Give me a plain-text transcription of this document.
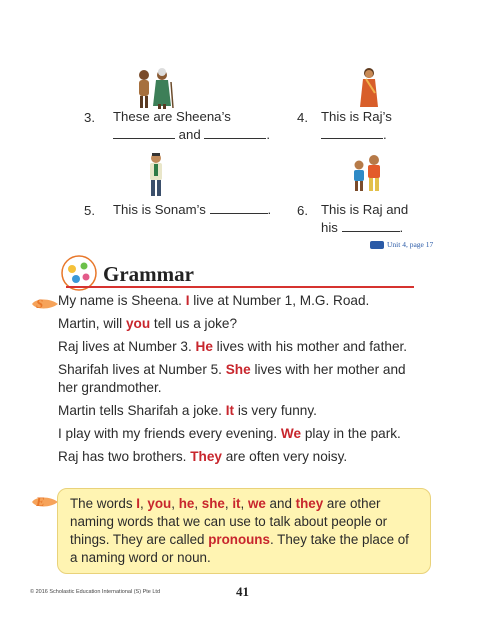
3. These are Sheena’s
and	.
4. This is Raj’s
.
5. This is Sonam’s	.	6. This is Raj and
his	.
Unit 4, page 17
Grammar
S My name is Sheena. I live at Number 1, M.G. Road.
Martin, will you tell us a joke?
Raj lives at Number 3. He lives with his mother and father.
Sharifah lives at Number 5. She lives with her mother and
her grandmother.
Martin tells Sharifah a joke. It is very funny.
I play with my friends every evening. We play in the park.
Raj has two brothers. They are often very noisy.
E	The words I, you, he, she, it, we and they are other naming words that we can use to talk about people or things. They are called pronouns. They take the place of a naming word or noun.
© 2016 Scholastic Education International (S) Pte Ltd	41
